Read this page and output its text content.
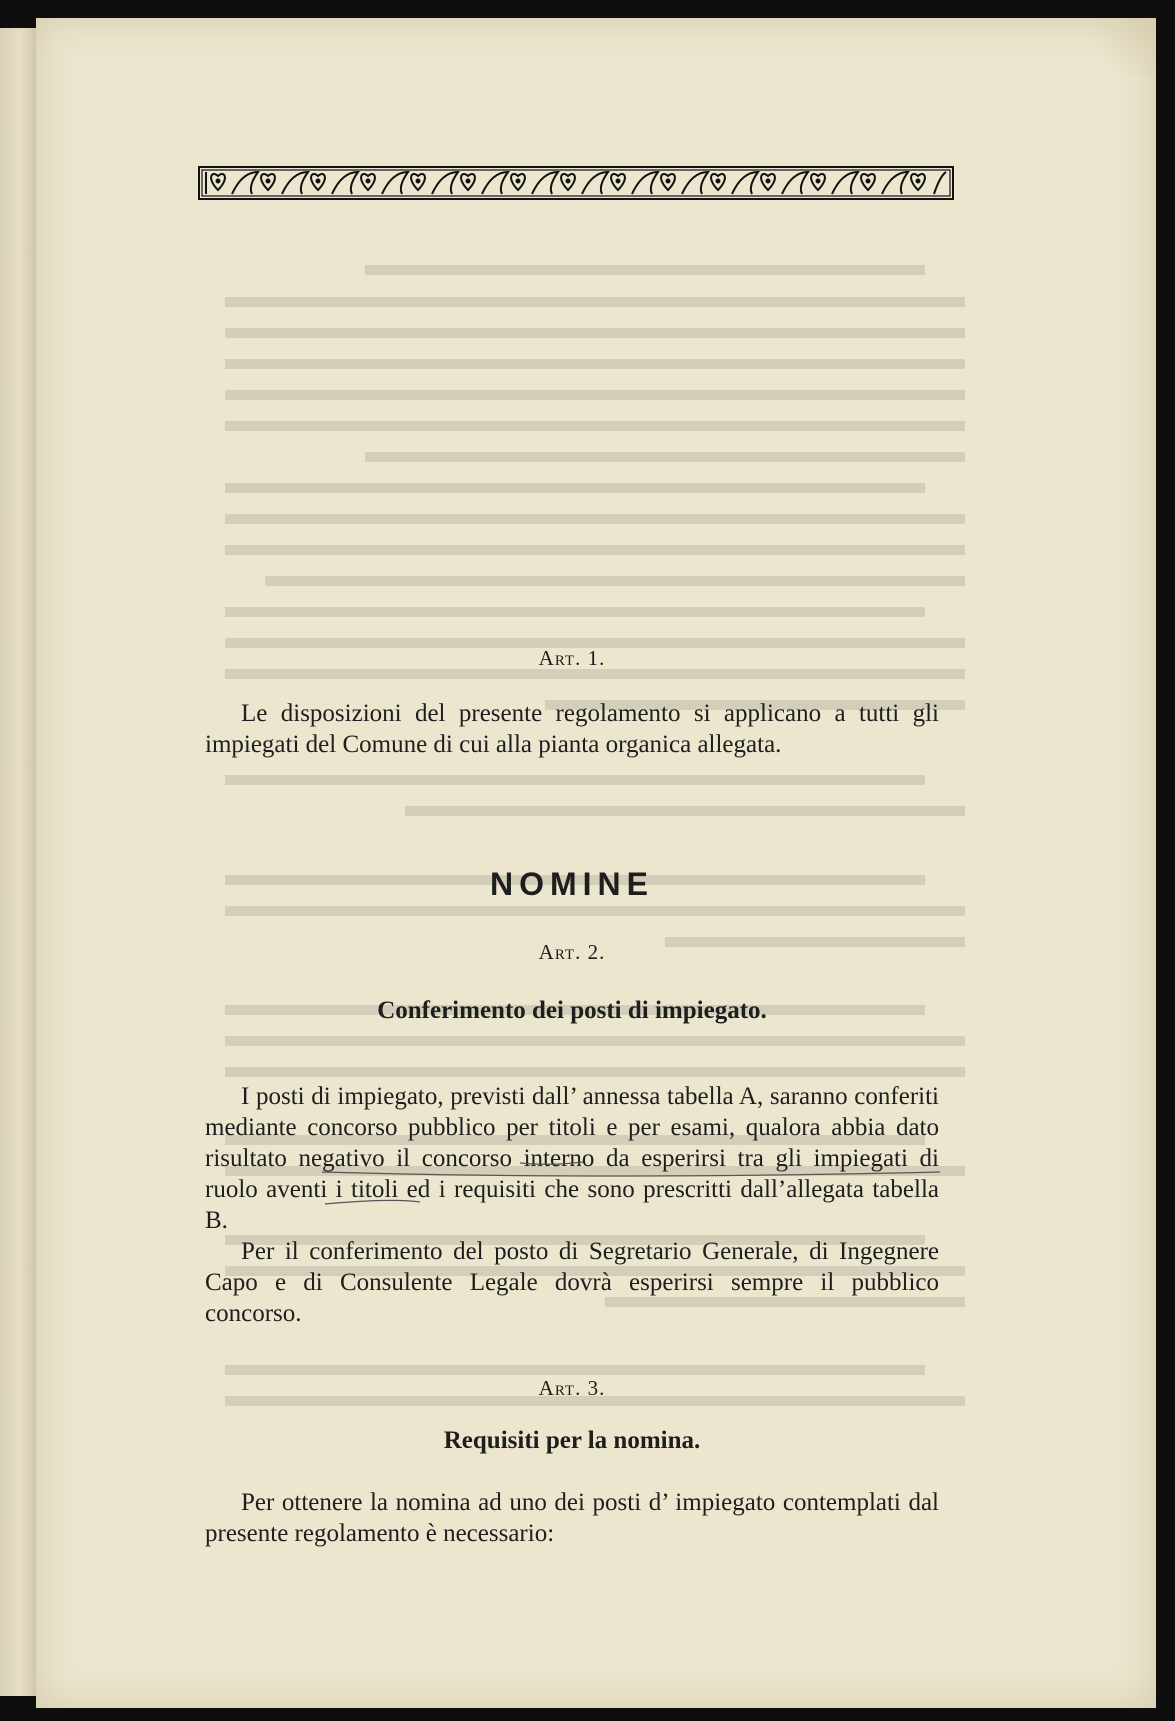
Art. 1.
Le disposizioni del presente regolamento si applicano a tutti gli impiegati del Comune di cui alla pianta organica allegata.
NOMINE
Art. 2.
Conferimento dei posti di impiegato.
I posti di impiegato, previsti dall’ annessa tabella A, saranno conferiti mediante concorso pubblico per titoli e per esami, qualora abbia dato risultato negativo il concorso interno da esperirsi tra gli impiegati di ruolo aventi i titoli ed i requisiti che sono prescritti dall’allegata tabella B.
Per il conferimento del posto di Segretario Generale, di Ingegnere Capo e di Consulente Legale dovrà esperirsi sempre il pubblico concorso.
Art. 3.
Requisiti per la nomina.
Per ottenere la nomina ad uno dei posti d’ impiegato contemplati dal presente regolamento è necessario:
